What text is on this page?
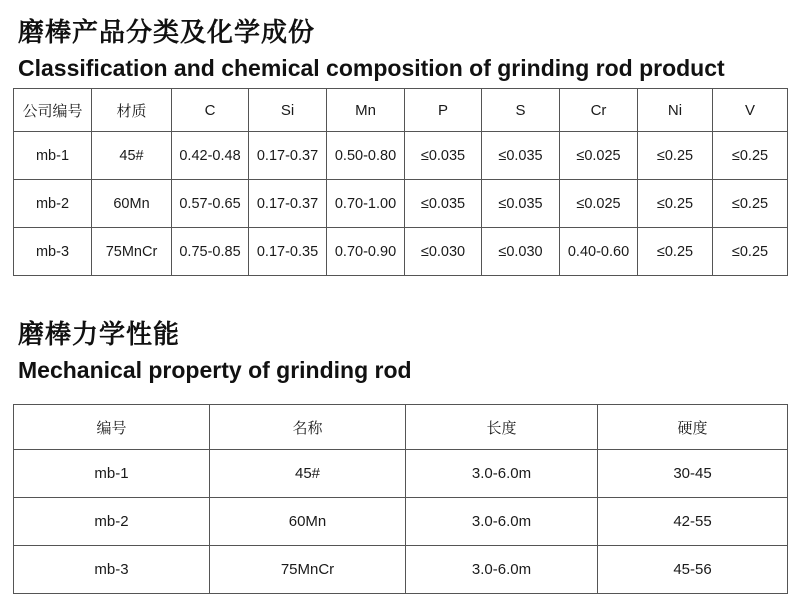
磨棒产品分类及化学成份
Classification and chemical composition of grinding rod product
公司编号	材质	C	Si	Mn	P	S	Cr	Ni	V
mb-1	45#	0.42-0.48	0.17-0.37	0.50-0.80	≤0.035	≤0.035	≤0.025	≤0.25	≤0.25
mb-2	60Mn	0.57-0.65	0.17-0.37	0.70-1.00	≤0.035	≤0.035	≤0.025	≤0.25	≤0.25
mb-3	75MnCr	0.75-0.85	0.17-0.35	0.70-0.90	≤0.030	≤0.030	0.40-0.60	≤0.25	≤0.25
磨棒力学性能
Mechanical property of grinding rod
编号	名称	长度	硬度
mb-1	45#	3.0-6.0m	30-45
mb-2	60Mn	3.0-6.0m	42-55
mb-3	75MnCr	3.0-6.0m	45-56
